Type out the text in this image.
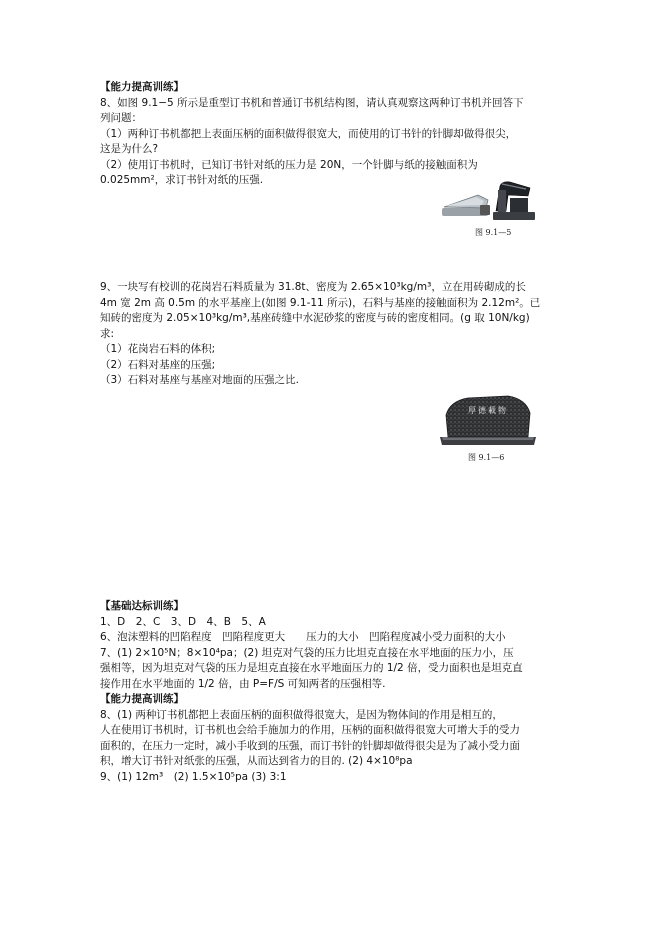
【能力提高训练】

8、如图 9.1−5 所示是重型订书机和普通订书机结构图，请认真观察这两种订书机并回答下

列问题：

（1）两种订书机都把上表面压柄的面积做得很宽大，而使用的订书针的针脚却做得很尖，

这是为什么?

（2）使用订书机时，已知订书针对纸的压力是 20N，一个针脚与纸的接触面积为

0.025mm²，求订书针对纸的压强.

图 9.1—5

9、一块写有校训的花岗岩石料质量为 31.8t、密度为 2.65×10³kg/m³，立在用砖砌成的长

4m 宽 2m 高 0.5m 的水平基座上(如图 9.1-11 所示)，石料与基座的接触面积为 2.12m²。已

知砖的密度为 2.05×10³kg/m³,基座砖缝中水泥砂浆的密度与砖的密度相同。(g 取 10N/kg)

求:

（1）花岗岩石料的体积;

（2）石料对基座的压强;

（3）石料对基座与基座对地面的压强之比.

厚德載物
图 9.1—6

【基础达标训练】

1、D　2、C　3、D　4、B　5、A

6、泡沫塑料的凹陷程度　凹陷程度更大　　压力的大小　凹陷程度减小受力面积的大小

7、(1) 2×10⁵N；8×10⁴pa；(2) 坦克对气袋的压力比坦克直接在水平地面的压力小，压

强相等，因为坦克对气袋的压力是坦克直接在水平地面压力的 1/2 倍，受力面积也是坦克直

接作用在水平地面的 1/2 倍，由 P=F/S 可知两者的压强相等.

【能力提高训练】

8、(1) 两种订书机都把上表面压柄的面积做得很宽大，是因为物体间的作用是相互的，

人在使用订书机时，订书机也会给手施加力的作用，压柄的面积做得很宽大可增大手的受力

面积的，在压力一定时，减小手收到的压强，而订书针的针脚却做得很尖是为了减小受力面

积，增大订书针对纸张的压强，从而达到省力的目的. (2) 4×10⁸pa

9、(1) 12m³　(2) 1.5×10⁵pa (3) 3:1
